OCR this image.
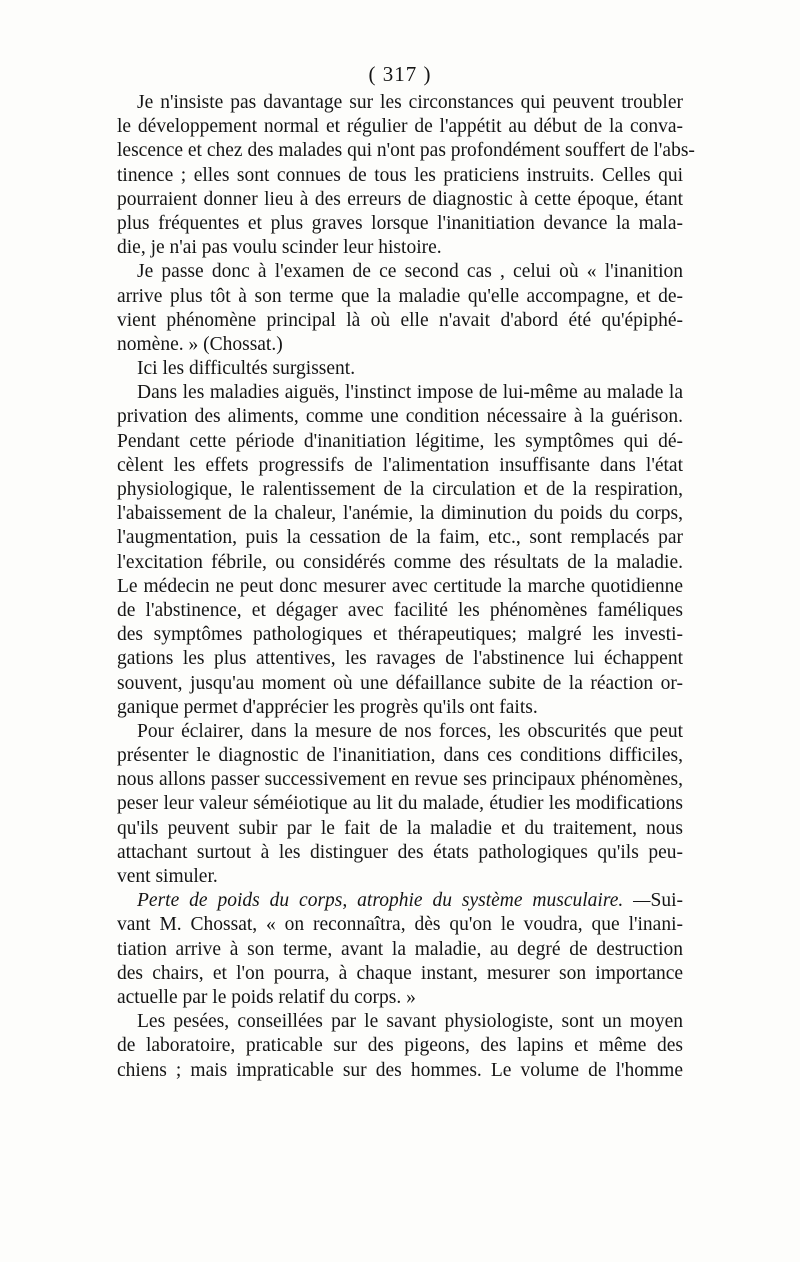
( 317 )
Je n'insiste pas davantage sur les circonstances qui peuvent troubler
le développement normal et régulier de l'appétit au début de la conva-
lescence et chez des malades qui n'ont pas profondément souffert de l'abs-
tinence ; elles sont connues de tous les praticiens instruits. Celles qui
pourraient donner lieu à des erreurs de diagnostic à cette époque, étant
plus fréquentes et plus graves lorsque l'inanitiation devance la mala-
die, je n'ai pas voulu scinder leur histoire.
Je passe donc à l'examen de ce second cas , celui où « l'inanition
arrive plus tôt à son terme que la maladie qu'elle accompagne, et de-
vient phénomène principal là où elle n'avait d'abord été qu'épiphé-
nomène. » (Chossat.)
Ici les difficultés surgissent.
Dans les maladies aiguës, l'instinct impose de lui-même au malade la
privation des aliments, comme une condition nécessaire à la guérison.
Pendant cette période d'inanitiation légitime, les symptômes qui dé-
cèlent les effets progressifs de l'alimentation insuffisante dans l'état
physiologique, le ralentissement de la circulation et de la respiration,
l'abaissement de la chaleur, l'anémie, la diminution du poids du corps,
l'augmentation, puis la cessation de la faim, etc., sont remplacés par
l'excitation fébrile, ou considérés comme des résultats de la maladie.
Le médecin ne peut donc mesurer avec certitude la marche quotidienne
de l'abstinence, et dégager avec facilité les phénomènes faméliques
des symptômes pathologiques et thérapeutiques; malgré les investi-
gations les plus attentives, les ravages de l'abstinence lui échappent
souvent, jusqu'au moment où une défaillance subite de la réaction or-
ganique permet d'apprécier les progrès qu'ils ont faits.
Pour éclairer, dans la mesure de nos forces, les obscurités que peut
présenter le diagnostic de l'inanitiation, dans ces conditions difficiles,
nous allons passer successivement en revue ses principaux phénomènes,
peser leur valeur séméiotique au lit du malade, étudier les modifications
qu'ils peuvent subir par le fait de la maladie et du traitement, nous
attachant surtout à les distinguer des états pathologiques qu'ils peu-
vent simuler.
Perte de poids du corps, atrophie du système musculaire. —Sui-
vant M. Chossat, « on reconnaîtra, dès qu'on le voudra, que l'inani-
tiation arrive à son terme, avant la maladie, au degré de destruction
des chairs, et l'on pourra, à chaque instant, mesurer son importance
actuelle par le poids relatif du corps. »
Les pesées, conseillées par le savant physiologiste, sont un moyen
de laboratoire, praticable sur des pigeons, des lapins et même des
chiens ; mais impraticable sur des hommes. Le volume de l'homme
